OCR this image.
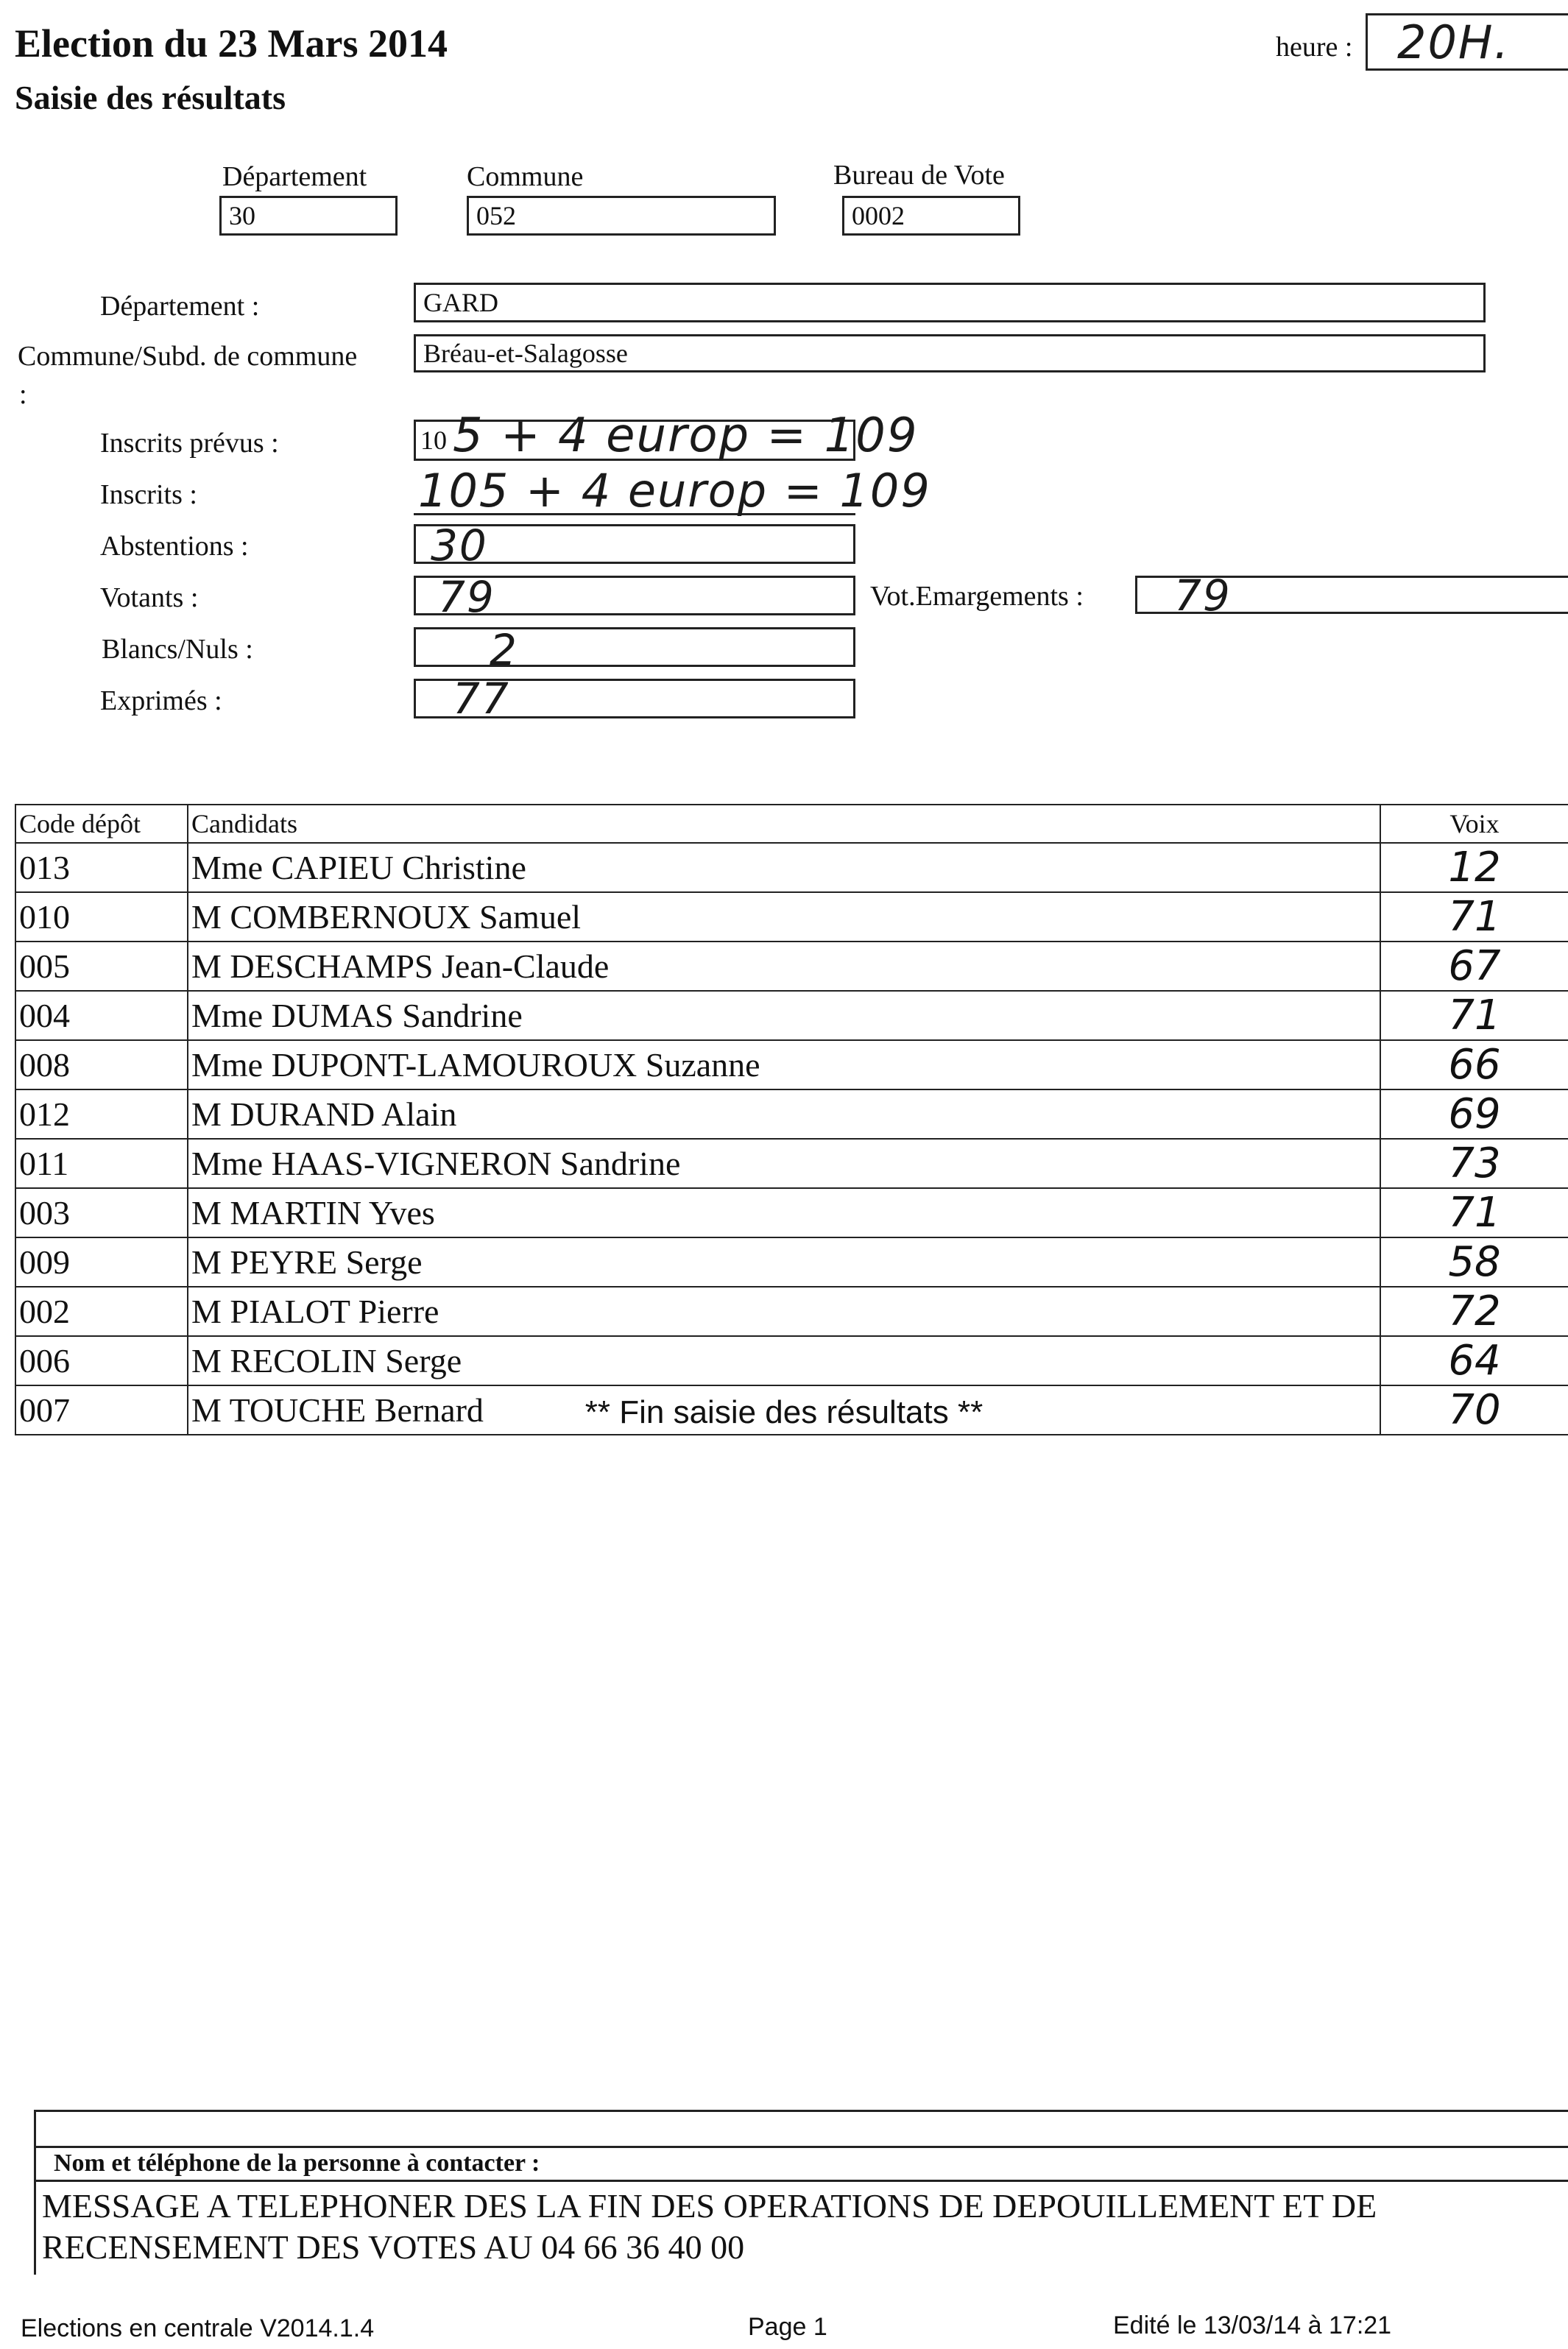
Election du 23 Mars 2014
Saisie des résultats
heure : 20H.
Département
30
Commune
052
Bureau de Vote
0002
Département :	GARD
Commune/Subd. de commune
:
Bréau-et-Salagosse
Inscrits prévus :	10 5 + 4 europ = 109
Inscrits :	105 + 4 europ = 109
Abstentions :	30
Votants :	79	Vot.Emargements : 79
Blancs/Nuls :	2
Exprimés :	77
Code dépôt	Candidats	Voix
013	Mme CAPIEU Christine	12
010	M COMBERNOUX Samuel	71
005	M DESCHAMPS Jean-Claude	67
004	Mme DUMAS Sandrine	71
008	Mme DUPONT-LAMOUROUX Suzanne	66
012	M DURAND Alain	69
011	Mme HAAS-VIGNERON Sandrine	73
003	M MARTIN Yves	71
009	M PEYRE Serge	58
002	M PIALOT Pierre	72
006	M RECOLIN Serge	64
007	M TOUCHE Bernard	70
** Fin saisie des résultats **
Nom et téléphone de la personne à contacter :
MESSAGE A TELEPHONER DES LA FIN DES OPERATIONS DE DEPOUILLEMENT ET DE
RECENSEMENT DES VOTES AU 04 66 36 40 00
Elections en centrale V2014.1.4	Page 1	Edité le 13/03/14 à 17:21
